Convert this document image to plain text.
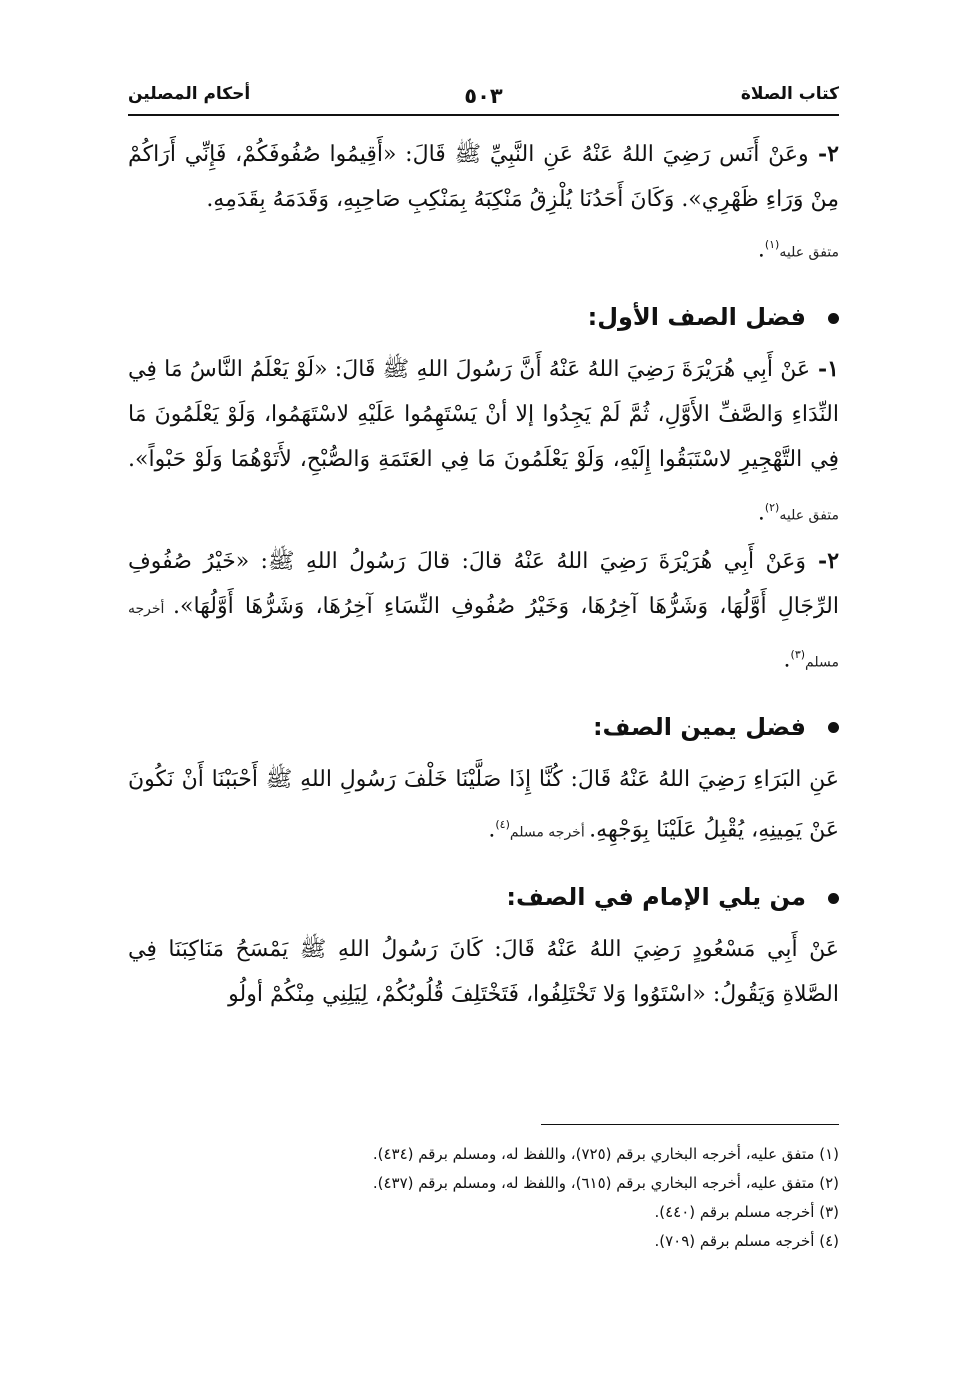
كتاب الصلاة
٥٠٣
أحكام المصلين

٢- وعَنْ أَنَس رَضِيَ اللهُ عَنْهُ عَنِ النَّبِيِّ ﷺ قَالَ: «أَقِيمُوا صُفُوفَكُمْ، فَإِنِّي أَرَاكُمْ مِنْ وَرَاءِ ظَهْرِي». وَكَانَ أَحَدُنَا يُلْزِقُ مَنْكِبَهُ بِمَنْكِبِ صَاحِبِهِ، وَقَدَمَهُ بِقَدَمِهِ.
متفق عليه$^{(١)}$.

فضل الصف الأول:

١- عَنْ أَبِي هُرَيْرَةَ رَضِيَ اللهُ عَنْهُ أَنَّ رَسُولَ اللهِ ﷺ قَالَ: «لَوْ يَعْلَمُ النَّاسُ مَا فِي النِّدَاءِ وَالصَّفِّ الأَوَّلِ، ثُمَّ لَمْ يَجِدُوا إلا أنْ يَسْتَهِمُوا عَلَيْهِ لاسْتَهَمُوا، وَلَوْ يَعْلَمُونَ مَا فِي التَّهْجِيرِ لاسْتَبَقُوا إِلَيْهِ، وَلَوْ يَعْلَمُونَ مَا فِي العَتَمَةِ وَالصُّبْحِ، لأَتَوْهُمَا وَلَوْ حَبْواً». متفق عليه$^{(٢)}$.

٢- وَعَنْ أَبِي هُرَيْرَةَ رَضِيَ اللهُ عَنْهُ قالَ: قالَ رَسُولُ اللهِ ﷺ: «خَيْرُ صُفُوفِ الرِّجَالِ أَوَّلُهَا، وَشَرُّهَا آخِرُهَا، وَخَيْرُ صُفُوفِ النِّسَاءِ آخِرُهَا، وَشَرُّهَا أَوَّلُهَا». أخرجه مسلم$^{(٣)}$.

فضل يمين الصف:

عَنِ البَرَاءِ رَضِيَ اللهُ عَنْهُ قَالَ: كُنَّا إِذَا صَلَّيْنَا خَلْفَ رَسُولِ اللهِ ﷺ أَحْبَبْنَا أَنْ نَكُونَ عَنْ يَمِينِهِ، يُقْبِلُ عَلَيْنَا بِوَجْهِهِ. أخرجه مسلم$^{(٤)}$.

من يلي الإمام في الصف:

عَنْ أَبِي مَسْعُودٍ رَضِيَ اللهُ عَنْهُ قَالَ: كَانَ رَسُولُ اللهِ ﷺ يَمْسَحُ مَنَاكِبَنَا فِي الصَّلاةِ وَيَقُولُ: «اسْتَوُوا وَلا تَخْتَلِفُوا، فَتَخْتَلِفَ قُلُوبُكُمْ، لِيَلِنِي مِنْكُمْ أولُو

(١) متفق عليه، أخرجه البخاري برقم (٧٢٥)، واللفظ له، ومسلم برقم (٤٣٤).
(٢) متفق عليه، أخرجه البخاري برقم (٦١٥)، واللفظ له، ومسلم برقم (٤٣٧).
(٣) أخرجه مسلم برقم (٤٤٠).
(٤) أخرجه مسلم برقم (٧٠٩).
